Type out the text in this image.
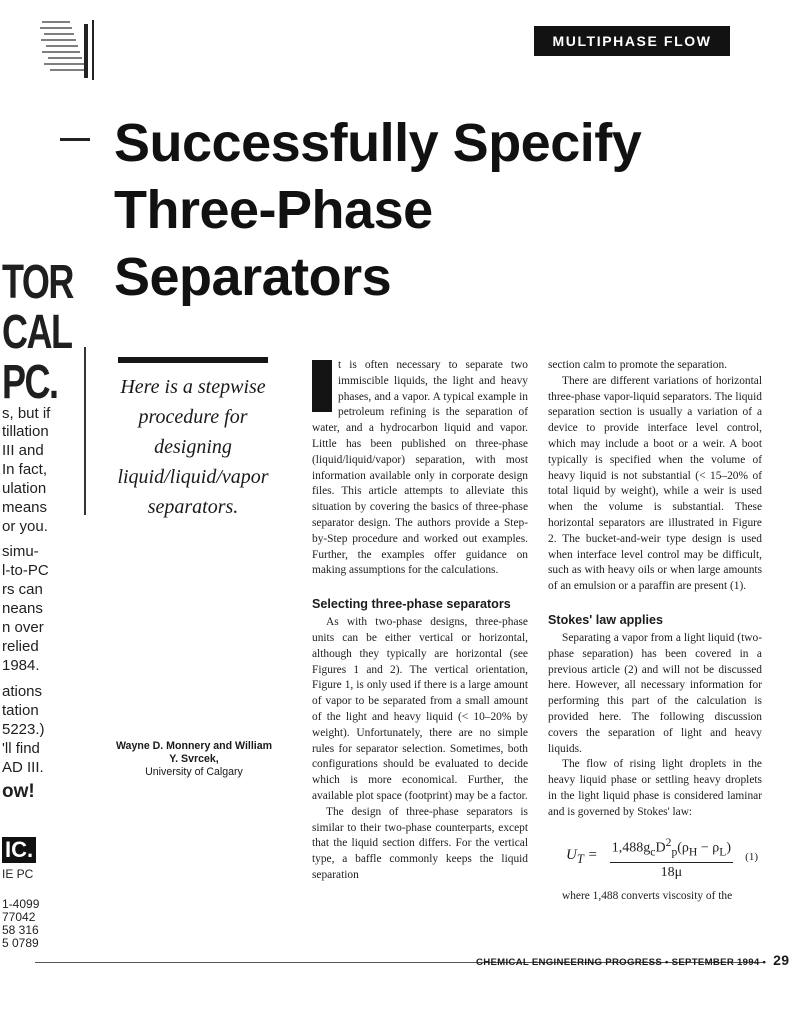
MULTIPHASE FLOW
Successfully Specify
Three-Phase
Separators
TOR
CAL
PC.
s, but if
tillation
III and
In fact,
ulation
means
or you.
simu-
l-to-PC
rs can
neans
n over
relied
1984.
ations
tation
5223.)
'll find
AD III.
ow!
IC.
IE PC
1-4099
77042
58 316
5 0789
Here is a stepwise
procedure for
designing
liquid/liquid/vapor
separators.
Wayne D. Monnery and William
Y. Svrcek,
University of Calgary

t is often necessary to separate two immiscible liquids, the light and heavy phases, and a vapor. A typical example in petroleum refining is the separation of water, and a hydrocarbon liquid and vapor. Little has been published on three-phase (liquid/liquid/vapor) separation, with most information available only in corporate design files. This article attempts to alleviate this situation by covering the basics of three-phase separator design. The authors provide a Step-by-Step procedure and worked out examples. Further, the examples offer guidance on making assumptions for the calculations.

Selecting three-phase separators

As with two-phase designs, three-phase units can be either vertical or horizontal, although they typically are horizontal (see Figures 1 and 2). The vertical orientation, Figure 1, is only used if there is a large amount of vapor to be separated from a small amount of the light and heavy liquid (< 10–20% by weight). Unfortunately, there are no simple rules for separator selection. Sometimes, both configurations should be evaluated to decide which is more economical. Further, the available plot space (footprint) may be a factor.

The design of three-phase separators is similar to their two-phase counterparts, except that the liquid section differs. For the vertical type, a baffle commonly keeps the liquid separation

section calm to promote the separation.

There are different variations of horizontal three-phase vapor-liquid separators. The liquid separation section is usually a variation of a device to provide interface level control, which may include a boot or a weir. A boot typically is specified when the volume of heavy liquid is not substantial (< 15–20% of total liquid by weight), while a weir is used when the volume is substantial. These horizontal separators are illustrated in Figure 2. The bucket-and-weir type design is used when interface level control may be difficult, such as with heavy oils or when large amounts of an emulsion or a paraffin are present (1).

Stokes' law applies

Separating a vapor from a light liquid (two-phase separation) has been covered in a previous article (2) and will not be discussed here. However, all necessary information for performing this part of the calculation is provided here. The following discussion covers the separation of light and heavy liquids.

The flow of rising light droplets in the heavy liquid phase or settling heavy droplets in the light liquid phase is considered laminar and is governed by Stokes' law:

$U_T = \frac{1,488g_cD^2_p(\rho_H - \rho_L)}{18\mu} (1)$

where 1,488 converts viscosity of the

CHEMICAL ENGINEERING PROGRESS • SEPTEMBER 1994 • 29
